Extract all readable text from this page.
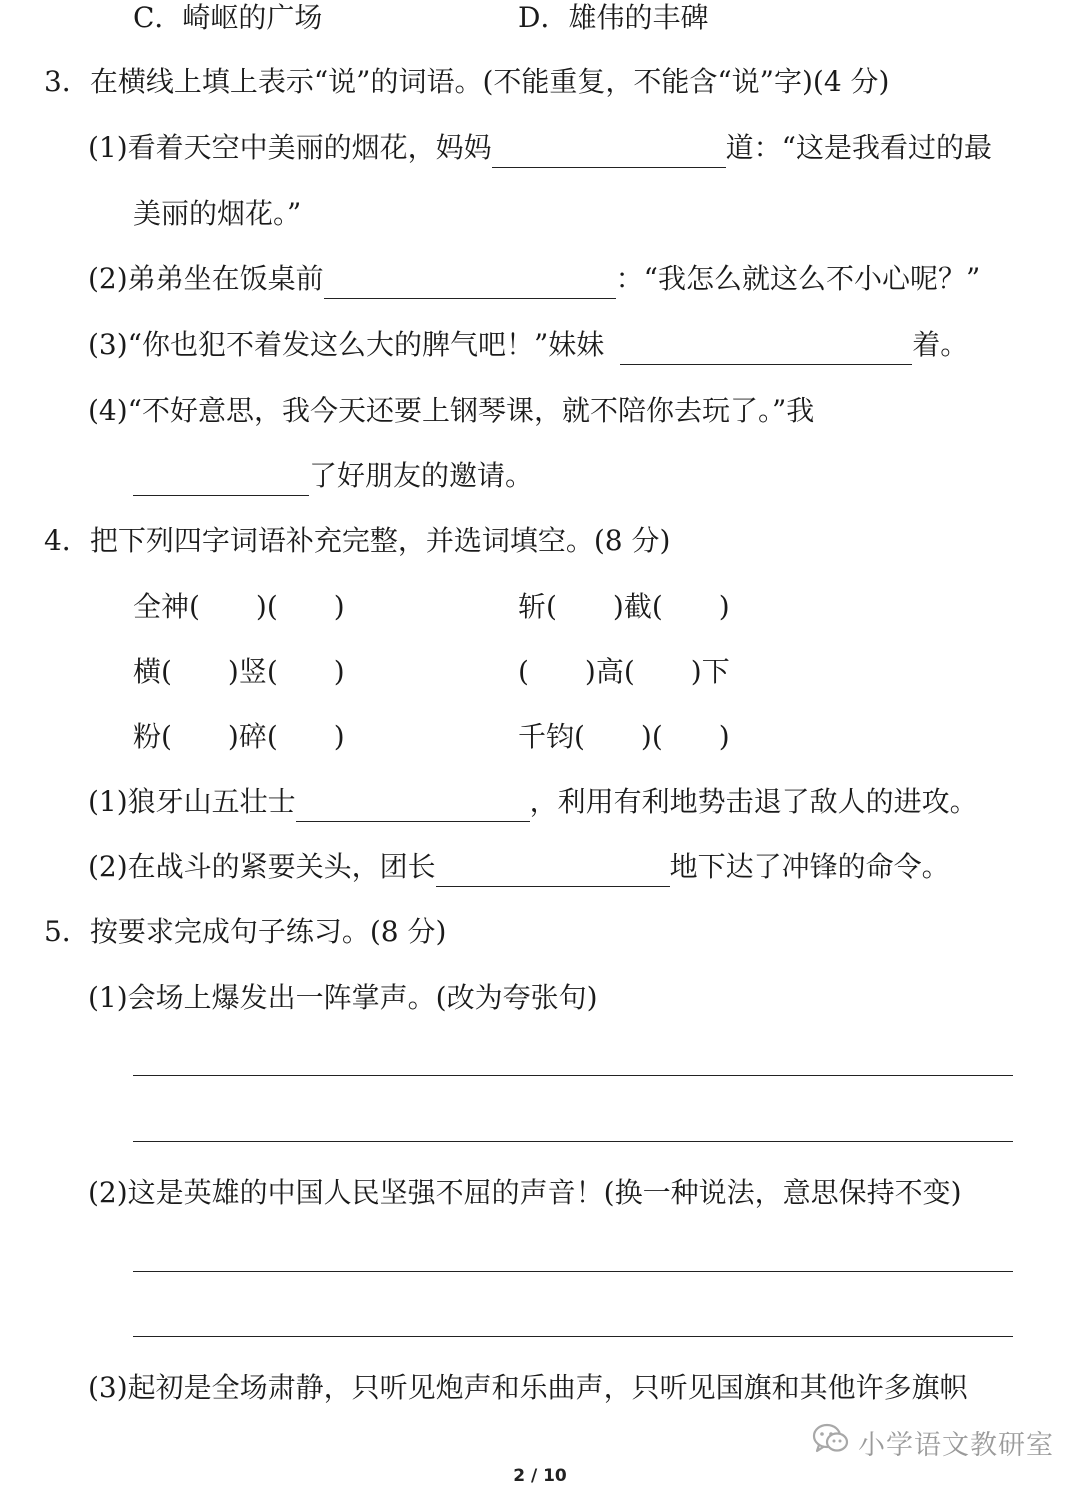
C．崎岖的广场	D．雄伟的丰碑
3．在横线上填上表示“说”的词语。(不能重复，不能含“说”字)(4 分)
(1)看着天空中美丽的烟花，妈妈	道：“这是我看过的最
美丽的烟花。”
(2)弟弟坐在饭桌前	：“我怎么就这么不小心呢？”
(3)“你也犯不着发这么大的脾气吧！”妹妹	着。
(4)“不好意思，我今天还要上钢琴课，就不陪你去玩了。”我
了好朋友的邀请。
4．把下列四字词语补充完整，并选词填空。(8 分)
全神(　　)(　　)	斩(　　)截(　　)
横(　　)竖(　　)	(　　)高(　　)下
粉(　　)碎(　　)	千钧(　　)(　　)
(1)狼牙山五壮士	，利用有利地势击退了敌人的进攻。
(2)在战斗的紧要关头，团长	地下达了冲锋的命令。
5．按要求完成句子练习。(8 分)
(1)会场上爆发出一阵掌声。(改为夸张句)
(2)这是英雄的中国人民坚强不屈的声音！(换一种说法，意思保持不变)
(3)起初是全场肃静，只听见炮声和乐曲声，只听见国旗和其他许多旗帜
小学语文教研室
2 / 10
